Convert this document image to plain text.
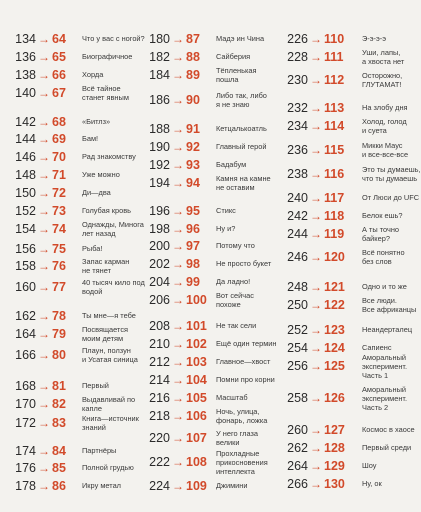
134 → 64 Что у вас с ногой?
136 → 65 Биографичное
138 → 66 Хорда
140 → 67 Всё тайное
станет явным
142 → 68 «Битлз»
144 → 69 Бам!
146 → 70 Рад знакомству
148 → 71 Уже можно
150 → 72 Ди—два
152 → 73 Голубая кровь
154 → 74 Однажды, Минога
лет назад
156 → 75 Рыба!
158 → 76 Запас карман
не тянет
160 → 77 40 тысяч кило под
водой
162 → 78 Ты мне—я тебе
164 → 79 Посвящается
моим детям
166 → 80 Плаун, ползун
и Усатая синица
168 → 81 Первый
170 → 82 Выдавливай по
капле
172 → 83 Книга—источник
знаний
174 → 84 Партнёры
176 → 85 Полной грудью
178 → 86 Икру метал
180 → 87 Мадэ ин Чина
182 → 88 Сайберия
184 → 89 Тёпленькая
пошла
186 → 90 Либо так, либо
я не знаю
188 → 91 Кетцалькоатль
190 → 92 Главный герой
192 → 93 Бадабум
194 → 94 Камня на камне
не оставим
196 → 95 Стикс
198 → 96 Ну и?
200 → 97 Потому что
202 → 98 Не просто букет
204 → 99 Да ладно!
206 → 100 Вот сейчас
похоже
208 → 101 Не так сели
210 → 102 Ещё один термин
212 → 103 Главное—хвост
214 → 104 Помни про корни
216 → 105 Масштаб
218 → 106 Ночь, улица,
фонарь, ложка
220 → 107 У него глаза
велики
222 → 108
Прохладные
прикосновения
интеллекта
224 → 109 Джимини
226 → 110 Э-э-э-э
228 → 111	Уши, лапы,
а хвоста нет
230 → 112 Осторожно,
ГЛУТАМАТ!
232 → 113 На злобу дня
234 → 114 Холод, голод
и суета
236 → 115 Микки Маус
и все-все-все
238 → 116 Это ты думаешь,
что ты думаешь
240 → 117 От Люси до UFC
242 → 118 Белок ешь?
244 → 119 А ты точно
байкер?
246 → 120 Всё понятно
без слов
248 → 121 Одно и то же
250 → 122 Все люди.
Все африканцы
252 → 123 Неандерталец
254 → 124 Сапиенс
256 → 125
Аморальный
эксперимент.
Часть 1
258 → 126
Аморальный
эксперимент.
Часть 2
260 → 127 Космос в хаосе
262 → 128 Первый среди
264 → 129 Шоу
266 → 130 Ну, ок
